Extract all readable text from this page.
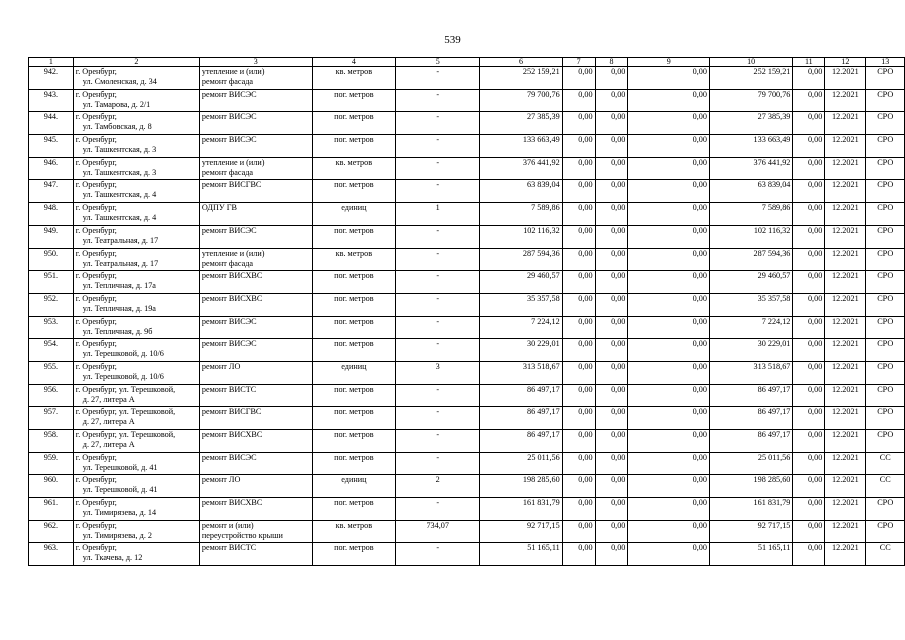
539
1	2	3	4	5	6	7	8	9	10	11	12	13
942.	г. Оренбург,
ул. Смоленская, д. 34	утепление и (или)
ремонт фасада	кв. метров	-	252 159,21	0,00	0,00	0,00	252 159,21	0,00	12.2021	СРО
943.	г. Оренбург,
ул. Тамарова, д. 2/1	ремонт ВИСЭС	пог. метров	-	79 700,76	0,00	0,00	0,00	79 700,76	0,00	12.2021	СРО
944.	г. Оренбург,
ул. Тамбовская, д. 8	ремонт ВИСЭС	пог. метров	-	27 385,39	0,00	0,00	0,00	27 385,39	0,00	12.2021	СРО
945.	г. Оренбург,
ул. Ташкентская, д. 3	ремонт ВИСЭС	пог. метров	-	133 663,49	0,00	0,00	0,00	133 663,49	0,00	12.2021	СРО
946.	г. Оренбург,
ул. Ташкентская, д. 3	утепление и (или)
ремонт фасада	кв. метров	-	376 441,92	0,00	0,00	0,00	376 441,92	0,00	12.2021	СРО
947.	г. Оренбург,
ул. Ташкентская, д. 4	ремонт ВИСГВС	пог. метров	-	63 839,04	0,00	0,00	0,00	63 839,04	0,00	12.2021	СРО
948.	г. Оренбург,
ул. Ташкентская, д. 4	ОДПУ ГВ	единиц	1	7 589,86	0,00	0,00	0,00	7 589,86	0,00	12.2021	СРО
949.	г. Оренбург,
ул. Театральная, д. 17	ремонт ВИСЭС	пог. метров	-	102 116,32	0,00	0,00	0,00	102 116,32	0,00	12.2021	СРО
950.	г. Оренбург,
ул. Театральная, д. 17	утепление и (или)
ремонт фасада	кв. метров	-	287 594,36	0,00	0,00	0,00	287 594,36	0,00	12.2021	СРО
951.	г. Оренбург,
ул. Тепличная, д. 17а	ремонт ВИСХВС	пог. метров	-	29 460,57	0,00	0,00	0,00	29 460,57	0,00	12.2021	СРО
952.	г. Оренбург,
ул. Тепличная, д. 19а	ремонт ВИСХВС	пог. метров	-	35 357,58	0,00	0,00	0,00	35 357,58	0,00	12.2021	СРО
953.	г. Оренбург,
ул. Тепличная, д. 9б	ремонт ВИСЭС	пог. метров	-	7 224,12	0,00	0,00	0,00	7 224,12	0,00	12.2021	СРО
954.	г. Оренбург,
ул. Терешковой, д. 10/6	ремонт ВИСЭС	пог. метров	-	30 229,01	0,00	0,00	0,00	30 229,01	0,00	12.2021	СРО
955.	г. Оренбург,
ул. Терешковой, д. 10/6	ремонт ЛО	единиц	3	313 518,67	0,00	0,00	0,00	313 518,67	0,00	12.2021	СРО
956.	г. Оренбург, ул. Терешковой,
д. 27, литера А	ремонт ВИСТС	пог. метров	-	86 497,17	0,00	0,00	0,00	86 497,17	0,00	12.2021	СРО
957.	г. Оренбург, ул. Терешковой,
д. 27, литера А	ремонт ВИСГВС	пог. метров	-	86 497,17	0,00	0,00	0,00	86 497,17	0,00	12.2021	СРО
958.	г. Оренбург, ул. Терешковой,
д. 27, литера А	ремонт ВИСХВС	пог. метров	-	86 497,17	0,00	0,00	0,00	86 497,17	0,00	12.2021	СРО
959.	г. Оренбург,
ул. Терешковой, д. 41	ремонт ВИСЭС	пог. метров	-	25 011,56	0,00	0,00	0,00	25 011,56	0,00	12.2021	СС
960.	г. Оренбург,
ул. Терешковой, д. 41	ремонт ЛО	единиц	2	198 285,60	0,00	0,00	0,00	198 285,60	0,00	12.2021	СС
961.	г. Оренбург,
ул. Тимирязева, д. 14	ремонт ВИСХВС	пог. метров	-	161 831,79	0,00	0,00	0,00	161 831,79	0,00	12.2021	СРО
962.	г. Оренбург,
ул. Тимирязева, д. 2	ремонт и (или)
переустройство крыши	кв. метров	734,07	92 717,15	0,00	0,00	0,00	92 717,15	0,00	12.2021	СРО
963.	г. Оренбург,
ул. Ткачева, д. 12	ремонт ВИСТС	пог. метров	-	51 165,11	0,00	0,00	0,00	51 165,11	0,00	12.2021	СС
